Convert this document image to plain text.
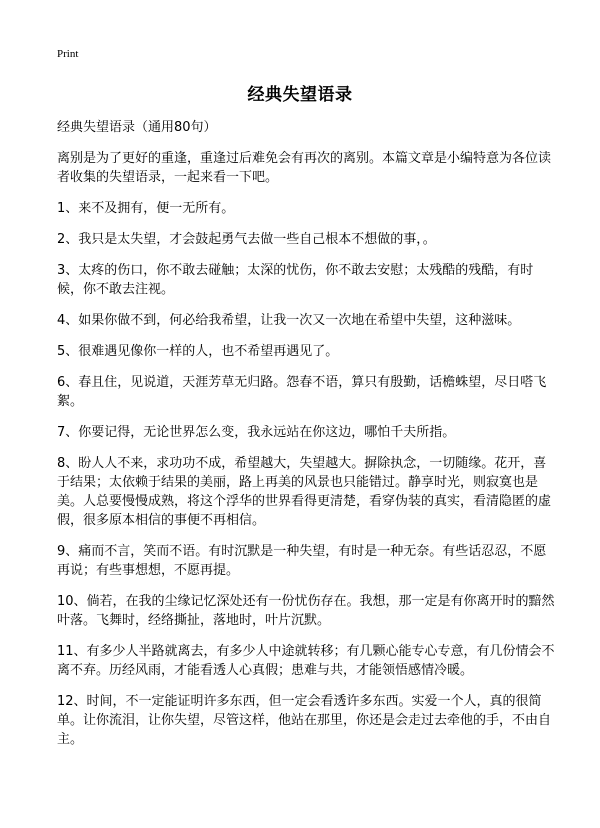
Print
经典失望语录

经典失望语录（通用80句）

离别是为了更好的重逢，重逢过后难免会有再次的离别。本篇文章是小编特意为各位读者收集的失望语录，一起来看一下吧。

1、来不及拥有，便一无所有。

2、我只是太失望，才会鼓起勇气去做一些自己根本不想做的事，。

3、太疼的伤口，你不敢去碰触；太深的忧伤，你不敢去安慰；太残酷的残酷，有时候，你不敢去注视。

4、如果你做不到，何必给我希望，让我一次又一次地在希望中失望，这种滋味。

5、很难遇见像你一样的人，也不希望再遇见了。

6、春且住，见说道，天涯芳草无归路。怨春不语，算只有殷勤，话檐蛛望，尽日嗒飞絮。

7、你要记得，无论世界怎么变，我永远站在你这边，哪怕千夫所指。

8、盼人人不来，求功功不成，希望越大，失望越大。摒除执念，一切随缘。花开，喜于结果；太依赖于结果的美丽，路上再美的风景也只能错过。静享时光，则寂寞也是美。人总要慢慢成熟，将这个浮华的世界看得更清楚，看穿伪装的真实，看清隐匿的虚假，很多原本相信的事便不再相信。

9、痛而不言，笑而不语。有时沉默是一种失望，有时是一种无奈。有些话忍忍，不愿再说；有些事想想，不愿再提。

10、倘若，在我的尘缘记忆深处还有一份忧伤存在。我想，那一定是有你离开时的黯然叶落。飞舞时，经络撕扯，落地时，叶片沉默。

11、有多少人半路就离去，有多少人中途就转移；有几颗心能专心专意，有几份情会不离不弃。历经风雨，才能看透人心真假；患难与共，才能领悟感情冷暖。

12、时间，不一定能证明许多东西，但一定会看透许多东西。实爱一个人，真的很简单。让你流泪，让你失望，尽管这样，他站在那里，你还是会走过去牵他的手，不由自主。
